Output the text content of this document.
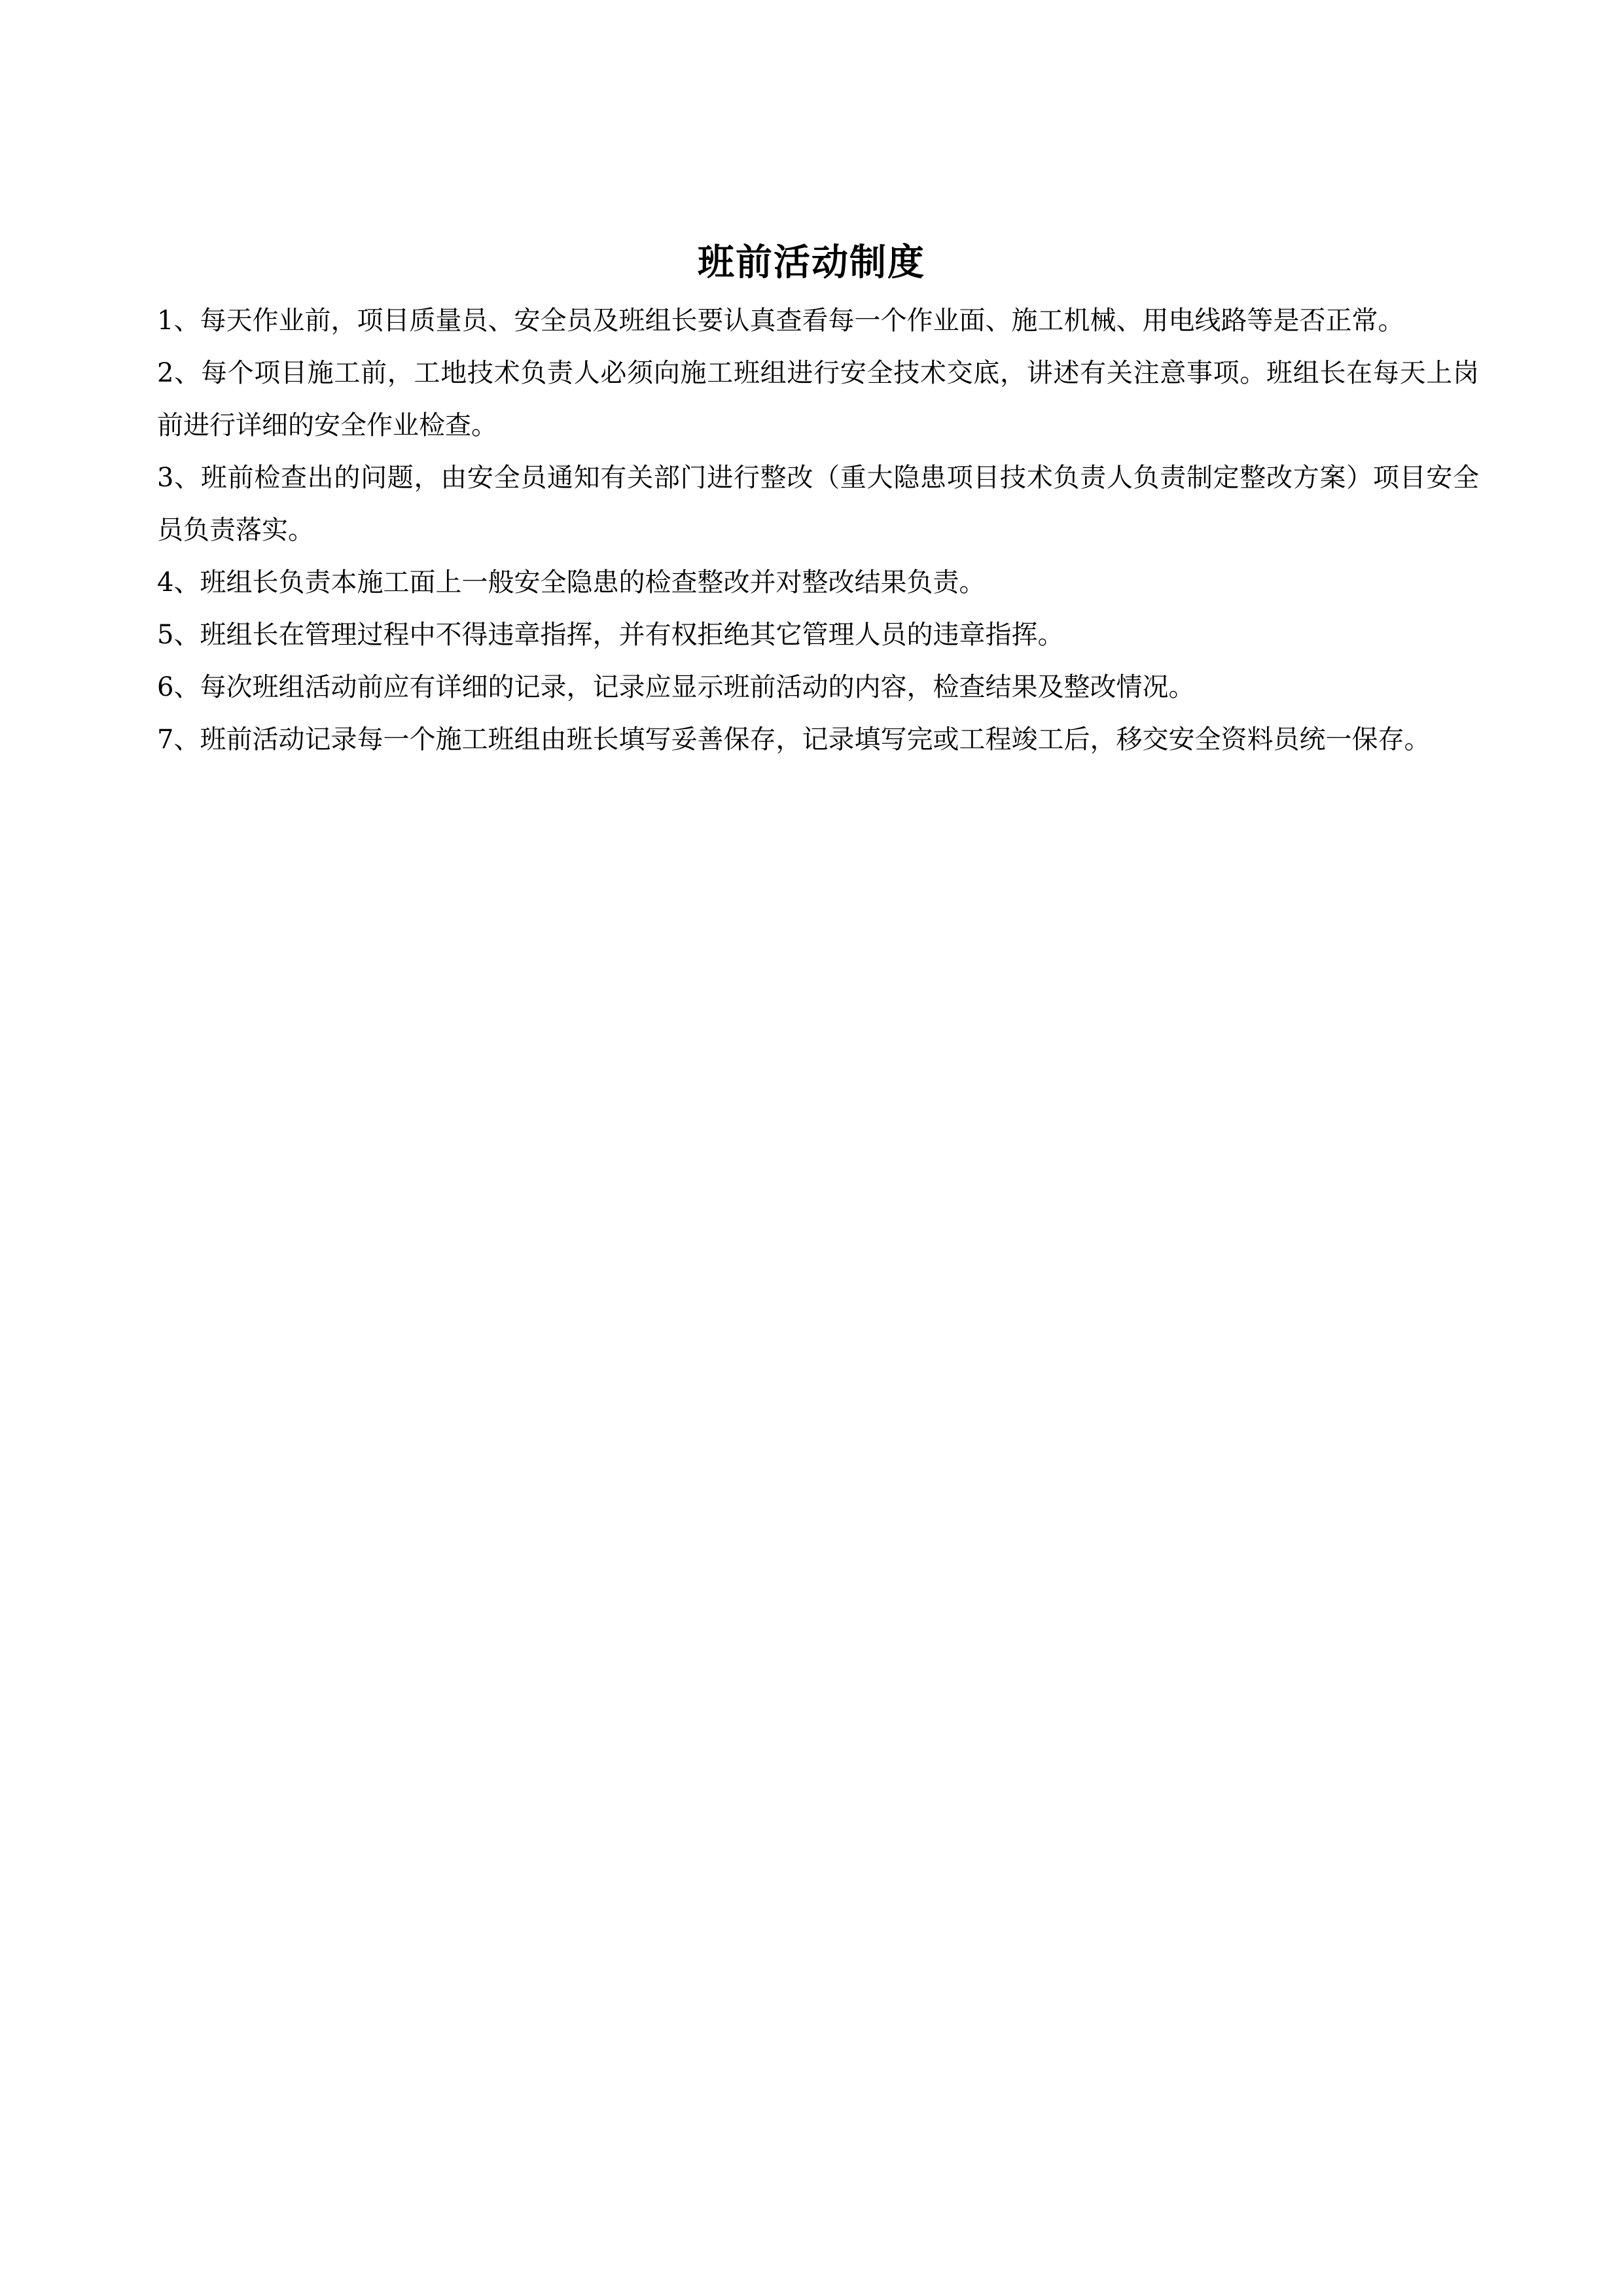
班前活动制度
1、每天作业前，项目质量员、安全员及班组长要认真查看每一个作业面、施工机械、用电线路等是否正常。
2、每个项目施工前，工地技术负责人必须向施工班组进行安全技术交底，讲述有关注意事项。班组长在每天上岗前进行详细的安全作业检查。
3、班前检查出的问题，由安全员通知有关部门进行整改（重大隐患项目技术负责人负责制定整改方案）项目安全员负责落实。
4、班组长负责本施工面上一般安全隐患的检查整改并对整改结果负责。
5、班组长在管理过程中不得违章指挥，并有权拒绝其它管理人员的违章指挥。
6、每次班组活动前应有详细的记录，记录应显示班前活动的内容，检查结果及整改情况。
7、班前活动记录每一个施工班组由班长填写妥善保存，记录填写完或工程竣工后，移交安全资料员统一保存。
